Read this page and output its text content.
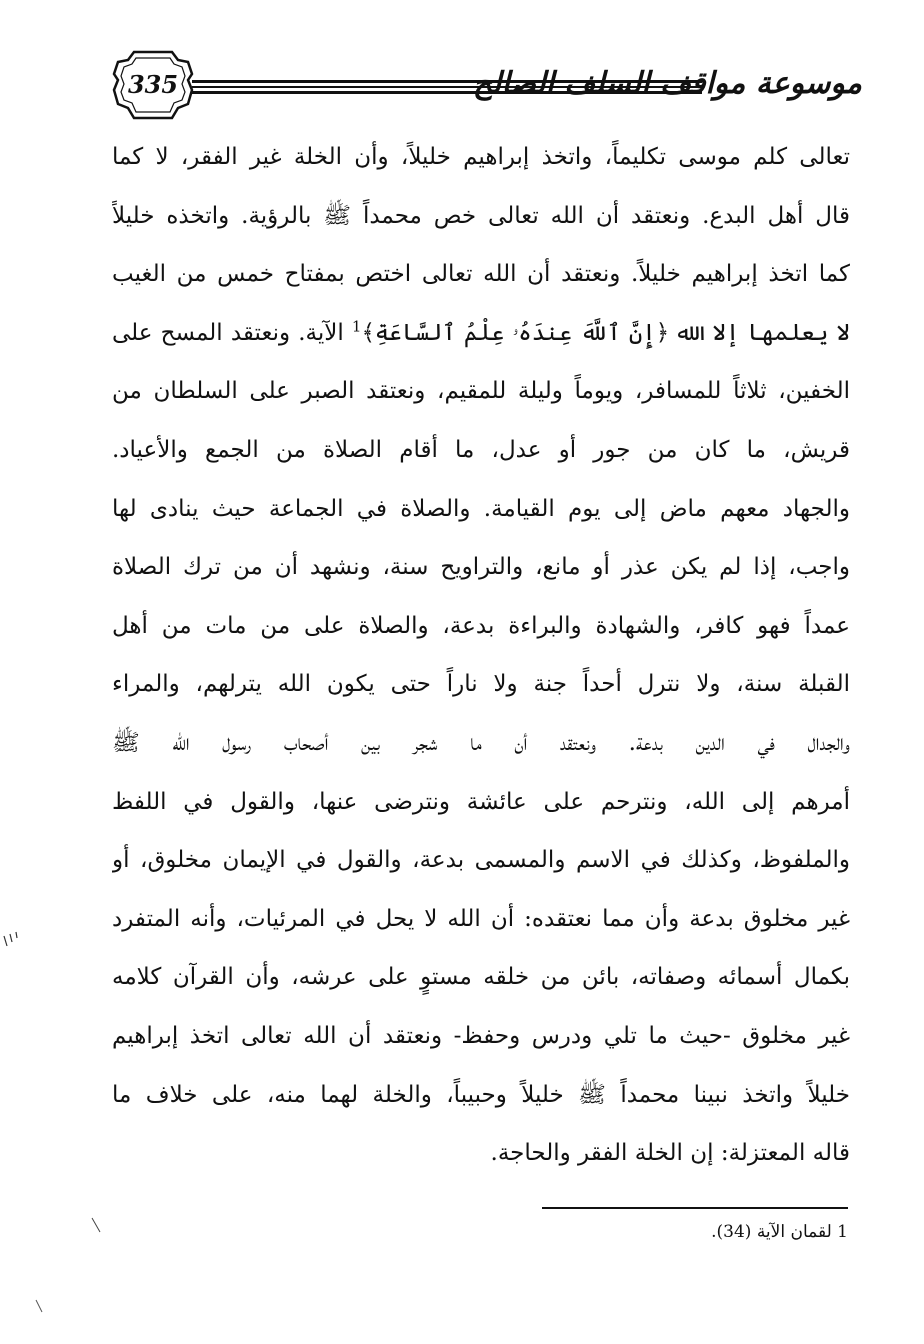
335	موسوعة مواقف السلف الصالح
تعالى كلم موسى تكليماً، واتخذ إبراهيم خليلاً، وأن الخلة غير الفقر، لا كما
قال أهل البدع. ونعتقد أن الله تعالى خص محمداً ﷺ بالرؤية. واتخذه خليلاً
كما اتخذ إبراهيم خليلاً. ونعتقد أن الله تعالى اختص بمفتاح خمس من الغيب
لا يعلمها إلا الله ﴿إِنَّ ٱللَّهَ عِندَهُۥ عِلْمُ ٱلسَّاعَةِ﴾$^1$ الآية. ونعتقد المسح على
الخفين، ثلاثاً للمسافر، ويوماً وليلة للمقيم، ونعتقد الصبر على السلطان من
قريش، ما كان من جور أو عدل، ما أقام الصلاة من الجمع والأعياد.
والجهاد معهم ماض إلى يوم القيامة. والصلاة في الجماعة حيث ينادى لها
واجب، إذا لم يكن عذر أو مانع، والتراويح سنة، ونشهد أن من ترك الصلاة
عمداً فهو كافر، والشهادة والبراءة بدعة، والصلاة على من مات من أهل
القبلة سنة، ولا نترل أحداً جنة ولا ناراً حتى يكون الله يترلهم، والمراء
والجدال في الدين بدعة. ونعتقد أن ما شجر بين أصحاب رسول الله ﷺ
أمرهم إلى الله، ونترحم على عائشة ونترضى عنها، والقول في اللفظ
والملفوظ، وكذلك في الاسم والمسمى بدعة، والقول في الإيمان مخلوق، أو
غير مخلوق بدعة وأن مما نعتقده: أن الله لا يحل في المرئيات، وأنه المتفرد
بكمال أسمائه وصفاته، بائن من خلقه مستوٍ على عرشه، وأن القرآن كلامه
غير مخلوق -حيث ما تلي ودرس وحفظ- ونعتقد أن الله تعالى اتخذ إبراهيم
خليلاً واتخذ نبينا محمداً ﷺ خليلاً وحبيباً، والخلة لهما منه، على خلاف ما
قاله المعتزلة: إن الخلة الفقر والحاجة.
1 لقمان الآية (34).
